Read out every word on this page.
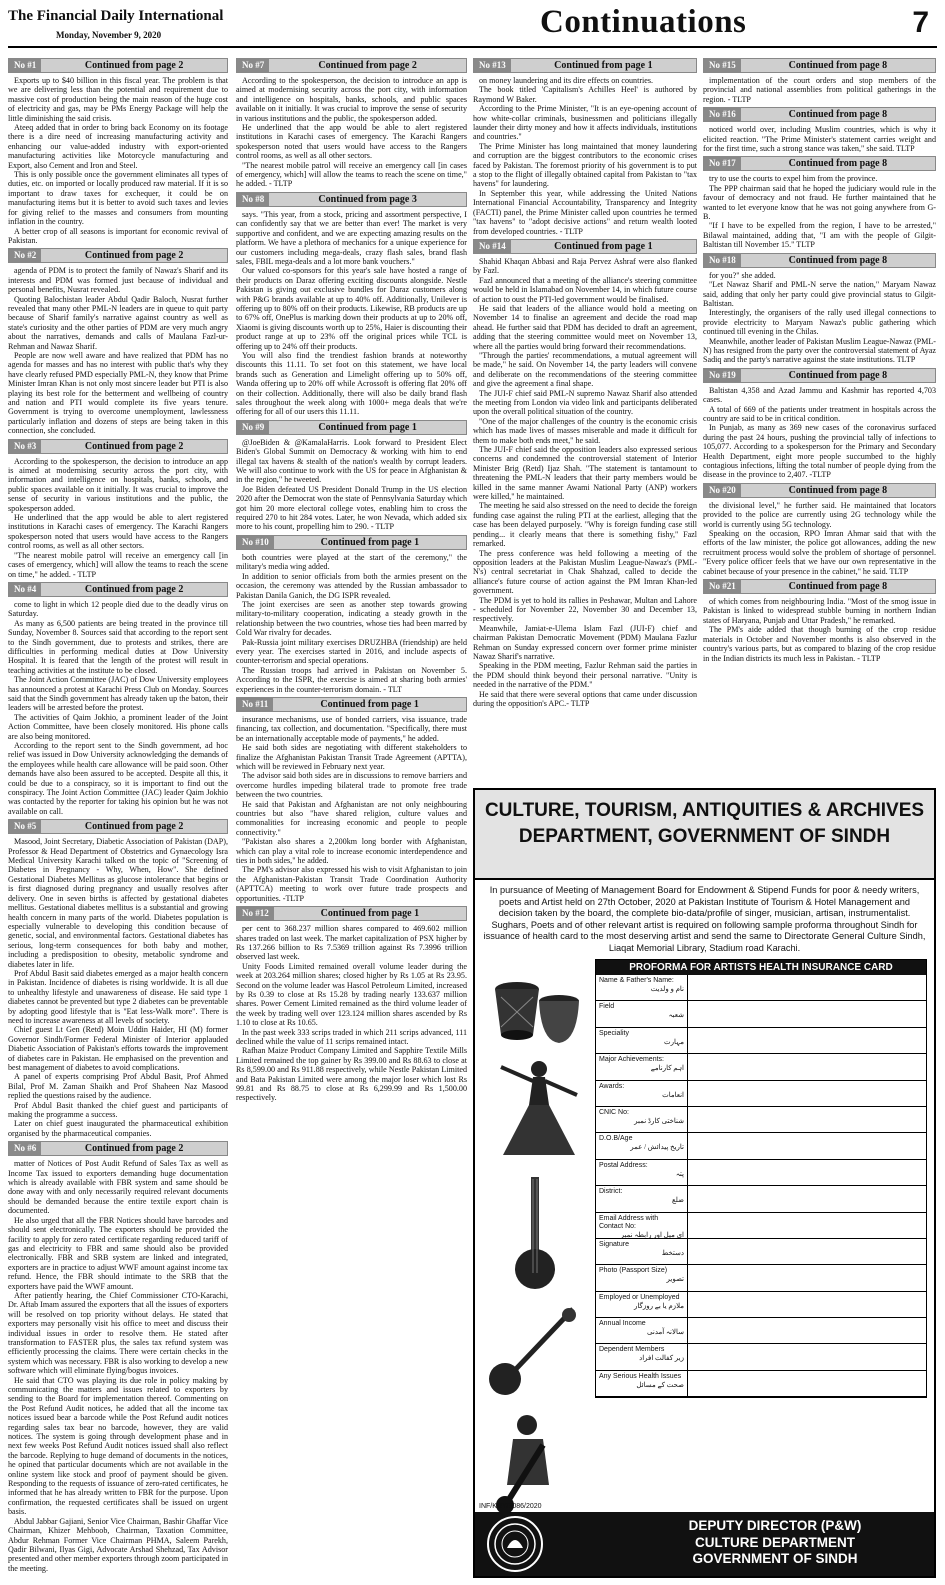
The Financial Daily International
Monday, November 9, 2020	Continuations	7
No #1	Continued from page 2

Exports up to $40 billion in this fiscal year. The problem is that we are delivering less than the potential and requirement due to massive cost of production being the main reason of the huge cost of electricity and gas, may be PMs Energy Package will help the little diminishing the said crisis.

Ateeq added that in order to bring back Economy on its footage there is a dire need of increasing manufacturing activity and enhancing our value-added industry with export-oriented manufacturing activities like Motorcycle manufacturing and Export, also Cement and Iron and Steel.

This is only possible once the government eliminates all types of duties, etc. on imported or locally produced raw material. If it is so important to draw taxes for exchequer, it could be on manufacturing items but it is better to avoid such taxes and levies for giving relief to the masses and consumers from mounting inflation in the country.

A better crop of all seasons is important for economic revival of Pakistan.

No #2	Continued from page 2

agenda of PDM is to protect the family of Nawaz's Sharif and its interests and PDM was formed just because of individual and personal benefits, Nusrat revealed.

Quoting Balochistan leader Abdul Qadir Baloch, Nusrat further revealed that many other PML-N leaders are in queue to quit party because of Sharif family's narrative against country as well as state's curiosity and the other parties of PDM are very much angry about the narratives, demands and calls of Maulana Fazl-ur-Rehman and Nawaz Sharif.

People are now well aware and have realized that PDM has no agenda for masses and has no interest with public that's why they have clearly refused PMD especially PML-N, they know that Prime Minister Imran Khan is not only most sincere leader but PTI is also playing its best role for the betterment and wellbeing of country and nation and PTI would complete its five years tenure. Government is trying to overcome unemployment, lawlessness particularly inflation and dozens of steps are being taken in this connection, she concluded.

No #3	Continued from page 2

According to the spokesperson, the decision to introduce an app is aimed at modernising security across the port city, with information and intelligence on hospitals, banks, schools, and public spaces available on it initially. It was crucial to improve the sense of security in various institutions and the public, the spokesperson added.

He underlined that the app would be able to alert registered institutions in Karachi cases of emergency. The Karachi Rangers spokesperson noted that users would have access to the Rangers control rooms, as well as all other sectors.

"The nearest mobile patrol will receive an emergency call [in cases of emergency, which] will allow the teams to reach the scene on time," he added. - TLTP

No #4	Continued from page 2

come to light in which 12 people died due to the deadly virus on Saturday.

As many as 6,500 patients are being treated in the province till Sunday, November 8. Sources said that according to the report sent to the Sindh government, due to protests and strikes, there are difficulties in performing medical duties at Dow University Hospital. It is feared that the length of the protest will result in teaching activities at the institute to be closed.

The Joint Action Committee (JAC) of Dow University employees has announced a protest at Karachi Press Club on Monday. Sources said that the Sindh government has already taken up the baton, their leaders will be arrested before the protest.

The activities of Qaim Jokhio, a prominent leader of the Joint Action Committee, have been closely monitored. His phone calls are also being monitored.

According to the report sent to the Sindh government, ad hoc relief was issued in Dow University acknowledging the demands of the employees while health care allowance will be paid soon. Other demands have also been assured to be accepted. Despite all this, it could be due to a conspiracy, so it is important to find out the conspiracy. The Joint Action Committee (JAC) leader Qaim Jokhio was contacted by the reporter for taking his opinion but he was not available on call.

No #5	Continued from page 2

Masood, Joint Secretary, Diabetic Association of Pakistan (DAP), Professor & Head Department of Obstetrics and Gynaecology Isra Medical University Karachi talked on the topic of "Screening of Diabetes in Pregnancy - Why, When, How". She defined Gestational Diabetes Mellitus as glucose intolerance that begins or is first diagnosed during pregnancy and usually resolves after delivery. One in seven births is affected by gestational diabetes mellitus. Gestational diabetes mellitus is a substantial and growing health concern in many parts of the world. Diabetes population is especially vulnerable to developing this condition because of genetic, social, and environmental factors. Gestational diabetes has serious, long-term consequences for both baby and mother, including a predisposition to obesity, metabolic syndrome and diabetes later in life.

Prof Abdul Basit said diabetes emerged as a major health concern in Pakistan. Incidence of diabetes is rising worldwide. It is all due to unhealthy lifestyle and unawareness of disease. He said type 1 diabetes cannot be prevented but type 2 diabetes can be preventable by adopting good lifestyle that is "Eat less-Walk more". There is need to increase awareness at all levels of society.

Chief guest Lt Gen (Retd) Moin Uddin Haider, HI (M) former Governor Sindh/Former Federal Minister of Interior applauded Diabetic Association of Pakistan's efforts towards the improvement of diabetes care in Pakistan. He emphasised on the prevention and best management of diabetes to avoid complications.

A panel of experts comprising Prof Abdul Basit, Prof Ahmed Bilal, Prof M. Zaman Shaikh and Prof Shaheen Naz Masood replied the questions raised by the audience.

Prof Abdul Basit thanked the chief guest and participants of making the programme a success.

Later on chief guest inaugurated the pharmaceutical exhibition organised by the pharmaceutical companies.

No #6	Continued from page 2

matter of Notices of Post Audit Refund of Sales Tax as well as Income Tax issued to exporters demanding huge documentation which is already available with FBR system and same should be done away with and only necessarily required relevant documents should be demanded because the entire textile export chain is documented.

He also urged that all the FBR Notices should have barcodes and should sent electronically. The exporters should be provided the facility to apply for zero rated certificate regarding reduced tariff of gas and electricity to FBR and same should also be provided electronically. FBR and SRB system are linked and integrated, exporters are in practice to adjust WWF amount against income tax refund. Hence, the FBR should intimate to the SRB that the exporters have paid the WWF amount.

After patiently hearing, the Chief Commissioner CTO-Karachi, Dr. Aftab Imam assured the exporters that all the issues of exporters will be resolved on top priority without delays. He stated that exporters may personally visit his office to meet and discuss their individual issues in order to resolve them. He stated after transformation to FASTER plus, the sales tax refund system was efficiently processing the claims. There were certain checks in the system which was necessary. FBR is also working to develop a new software which will eliminate flying/bogus invoices.

He said that CTO was playing its due role in policy making by communicating the matters and issues related to exporters by sending to the Board for implementation thereof. Commenting on the Post Refund Audit notices, he added that all the income tax notices issued bear a barcode while the Post Refund audit notices regarding sales tax bear no barcode, however, they are valid notices. The system is going through development phase and in next few weeks Post Refund Audit notices issued shall also reflect the barcode. Replying to huge demand of documents in the notices, he opined that particular documents which are not available in the online system like stock and proof of payment should be given. Responding to the requests of issuance of zero-rated certificates, he informed that he has already written to FBR for the purpose. Upon confirmation, the requested certificates shall be issued on urgent basis.

Abdul Jabbar Gajiani, Senior Vice Chairman, Bashir Ghaffar Vice Chairman, Khizer Mehboob, Chairman, Taxation Committee, Abdur Rehman Former Vice Chairman PHMA, Saleem Parekh, Qadir Bilwani, Ilyas Gigi, Advocate Arshad Shehzad, Tax Advisor presented and other member exporters through zoom participated in the meeting.

No #7	Continued from page 2

According to the spokesperson, the decision to introduce an app is aimed at modernising security across the port city, with information and intelligence on hospitals, banks, schools, and public spaces available on it initially. It was crucial to improve the sense of security in various institutions and the public, the spokesperson added.

He underlined that the app would be able to alert registered institutions in Karachi cases of emergency. The Karachi Rangers spokesperson noted that users would have access to the Rangers control rooms, as well as all other sectors.

"The nearest mobile patrol will receive an emergency call [in cases of emergency, which] will allow the teams to reach the scene on time," he added. - TLTP

No #8	Continued from page 3

says. "This year, from a stock, pricing and assortment perspective, I can confidently say that we are better than ever! The market is very supportive and confident, and we are expecting amazing results on the platform. We have a plethora of mechanics for a unique experience for our customers including mega-deals, crazy flash sales, brand flash sales, FBIL mega-deals and a lot more bank vouchers."

Our valued co-sponsors for this year's sale have hosted a range of their products on Daraz offering exciting discounts alongside. Nestle Pakistan is giving out exclusive bundles for Daraz customers along with P&G brands available at up to 40% off. Additionally, Unilever is offering up to 80% off on their products. Likewise, RB products are up to 67% off, OnePlus is marking down their products at up to 20% off, Xiaomi is giving discounts worth up to 25%, Haier is discounting their product range at up to 23% off the original prices while TCL is offering up to 24% off their products.

You will also find the trendiest fashion brands at noteworthy discounts this 11.11. To set foot on this statement, we have local brands such as Generation and Limelight offering up to 50% off, Wanda offering up to 20% off while Acrossoft is offering flat 20% off on their collection. Additionally, there will also be daily brand flash sales throughout the week along with 1000+ mega deals that we're offering for all of our users this 11.11.

No #9	Continued from page 1

@JoeBiden & @KamalaHarris. Look forward to President Elect Biden's Global Summit on Democracy & working with him to end illegal tax havens & stealth of the nation's wealth by corrupt leaders. We will also continue to work with the US for peace in Afghanistan & in the region," he tweeted.

Joe Biden defeated US President Donald Trump in the US election 2020 after the Democrat won the state of Pennsylvania Saturday which got him 20 more electoral college votes, enabling him to cross the required 270 to hit 284 votes. Later, he won Nevada, which added six more to his count, propelling him to 290. - TLTP

No #10	Continued from page 1

both countries were played at the start of the ceremony," the military's media wing added.

In addition to senior officials from both the armies present on the occasion, the ceremony was attended by the Russian ambassador to Pakistan Danila Ganich, the DG ISPR revealed.

The joint exercises are seen as another step towards growing military-to-military cooperation, indicating a steady growth in the relationship between the two countries, whose ties had been marred by Cold War rivalry for decades.

Pak-Russia joint military exercises DRUZHBA (friendship) are held every year. The exercises started in 2016, and include aspects of counter-terrorism and special operations.

The Russian troops had arrived in Pakistan on November 5. According to the ISPR, the exercise is aimed at sharing both armies' experiences in the counter-terrorism domain. - TLT

No #11	Continued from page 1

insurance mechanisms, use of bonded carriers, visa issuance, trade financing, tax collection, and documentation. "Specifically, there must be an internationally acceptable mode of payments," he added.

He said both sides are negotiating with different stakeholders to finalize the Afghanistan Pakistan Transit Trade Agreement (APTTA), which will be reviewed in February next year.

The advisor said both sides are in discussions to remove barriers and overcome hurdles impeding bilateral trade to promote free trade between the two countries.

He said that Pakistan and Afghanistan are not only neighbouring countries but also "have shared religion, culture values and commonalities for increasing economic and people to people connectivity."

"Pakistan also shares a 2,200km long border with Afghanistan, which can play a vital role to increase economic interdependence and ties in both sides," he added.

The PM's advisor also expressed his wish to visit Afghanistan to join the Afghanistan-Pakistan Transit Trade Coordination Authority (APTTCA) meeting to work over future trade prospects and opportunities. -TLTP

No #12	Continued from page 1

per cent to 368.237 million shares compared to 469.602 million shares traded on last week. The market capitalization of PSX higher by Rs 137.266 billion to Rs 7.5369 trillion against Rs 7.3996 trillion observed last week.

Unity Foods Limited remained overall volume leader during the week at 203.264 million shares; closed higher by Rs 1.05 at Rs 23.95. Second on the volume leader was Hascol Petroleum Limited, increased by Rs 0.39 to close at Rs 15.28 by trading nearly 133.637 million shares. Power Cement Limited remained as the third volume leader of the week by trading well over 123.124 million shares ascended by Rs 1.10 to close at Rs 10.65.

In the past week 333 scrips traded in which 211 scrips advanced, 111 declined while the value of 11 scrips remained intact.

Rafhan Maize Product Company Limited and Sapphire Textile Mills Limited remained the top gainer by Rs 399.00 and Rs 88.63 to close at Rs 8,599.00 and Rs 911.88 respectively, while Nestle Pakistan Limited and Bata Pakistan Limited were among the major loser which lost Rs 99.81 and Rs 88.75 to close at Rs 6,299.99 and Rs 1,500.00 respectively.

No #13	Continued from page 1

on money laundering and its dire effects on countries.

The book titled 'Capitalism's Achilles Heel' is authored by Raymond W Baker.

According to the Prime Minister, "It is an eye-opening account of how white-collar criminals, businessmen and politicians illegally launder their dirty money and how it affects individuals, institutions and countries."

The Prime Minister has long maintained that money laundering and corruption are the biggest contributors to the economic crises faced by Pakistan. The foremost priority of his government is to put a stop to the flight of illegally obtained capital from Pakistan to "tax havens" for laundering.

In September this year, while addressing the United Nations International Financial Accountability, Transparency and Integrity (FACTI) panel, the Prime Minister called upon countries he termed "tax havens" to "adopt decisive actions" and return wealth looted from developed countries. - TLTP

No #14	Continued from page 1

Shahid Khaqan Abbasi and Raja Pervez Ashraf were also flanked by Fazl.

Fazl announced that a meeting of the alliance's steering committee would be held in Islamabad on November 14, in which future course of action to oust the PTI-led government would be finalised.

He said that leaders of the alliance would hold a meeting on November 14 to finalise an agreement and decide the road map ahead. He further said that PDM has decided to draft an agreement, adding that the steering committee would meet on November 13, where all the parties would bring forward their recommendations.

"Through the parties' recommendations, a mutual agreement will be made," he said. On November 14, the party leaders will convene and deliberate on the recommendations of the steering committee and give the agreement a final shape.

The JUI-F chief said PML-N supremo Nawaz Sharif also attended the meeting from London via video link and participants deliberated upon the overall political situation of the country.

"One of the major challenges of the country is the economic crisis which has made lives of masses miserable and made it difficult for them to make both ends meet," he said.

The JUI-F chief said the opposition leaders also expressed serious concerns and condemned the controversial statement of Interior Minister Brig (Retd) Ijaz Shah. "The statement is tantamount to threatening the PML-N leaders that their party members would be killed in the same manner Awami National Party (ANP) workers were killed," he maintained.

The meeting he said also stressed on the need to decide the foreign funding case against the ruling PTI at the earliest, alleging that the case has been delayed purposely. "Why is foreign funding case still pending... it clearly means that there is something fishy," Fazl remarked.

The press conference was held following a meeting of the opposition leaders at the Pakistan Muslim League-Nawaz's (PML-N's) central secretariat in Chak Shahzad, called to decide the alliance's future course of action against the PM Imran Khan-led government.

The PDM is yet to hold its rallies in Peshawar, Multan and Lahore - scheduled for November 22, November 30 and December 13, respectively.

Meanwhile, Jamiat-e-Ulema Islam Fazl (JUI-F) chief and chairman Pakistan Democratic Movement (PDM) Maulana Fazlur Rehman on Sunday expressed concern over former prime minister Nawaz Sharif's narrative.

Speaking in the PDM meeting, Fazlur Rehman said the parties in the PDM should think beyond their personal narrative. "Unity is needed in the narrative of the PDM."

He said that there were several options that came under discussion during the opposition's APC.- TLTP

No #15	Continued from page 8

implementation of the court orders and stop members of the provincial and national assemblies from political gatherings in the region. - TLTP

No #16	Continued from page 8

noticed world over, including Muslim countries, which is why it elicited reaction. "The Prime Minister's statement carries weight and for the first time, such a strong stance was taken," she said. TLTP

No #17	Continued from page 8

try to use the courts to expel him from the province.

The PPP chairman said that he hoped the judiciary would rule in the favour of democracy and not fraud. He further maintained that he wanted to let everyone know that he was not going anywhere from G-B.

"If I have to be expelled from the region, I have to be arrested," Bilawal maintained, adding that, "I am with the people of Gilgit-Baltistan till November 15." TLTP

No #18	Continued from page 8

for you?" she added.

"Let Nawaz Sharif and PML-N serve the nation," Maryam Nawaz said, adding that only her party could give provincial status to Gilgit-Baltistan.

Interestingly, the organisers of the rally used illegal connections to provide electricity to Maryam Nawaz's public gathering which continued till evening in the Chilas.

Meanwhile, another leader of Pakistan Muslim League-Nawaz (PML-N) has resigned from the party over the controversial statement of Ayaz Sadiq and the party's narrative against the state institutions. TLTP

No #19	Continued from page 8

Baltistan 4,358 and Azad Jammu and Kashmir has reported 4,703 cases.

A total of 669 of the patients under treatment in hospitals across the country are said to be in critical condition.

In Punjab, as many as 369 new cases of the coronavirus surfaced during the past 24 hours, pushing the provincial tally of infections to 105,077. According to a spokesperson for the Primary and Secondary Health Department, eight more people succumbed to the highly contagious infections, lifting the total number of people dying from the disease in the province to 2,407. -TLTP

No #20	Continued from page 8

the divisional level," he further said. He maintained that locators provided to the police are currently using 2G technology while the world is currently using 5G technology.

Speaking on the occasion, RPO Imran Ahmar said that with the efforts of the law minister, the police got allowances, adding the new recruitment process would solve the problem of shortage of personnel. "Every police officer feels that we have our own representative in the cabinet because of your presence in the cabinet," he said. TLTP

No #21	Continued from page 8

of which comes from neighbouring India. "Most of the smog issue in Pakistan is linked to widespread stubble burning in northern Indian states of Haryana, Punjab and Uttar Pradesh," he remarked.

The PM's aide added that though burning of the crop residue materials in October and November months is also observed in the country's various parts, but as compared to blazing of the crop residue in the Indian districts its much less in Pakistan. - TLTP

CULTURE, TOURISM, ANTIQUITIES & ARCHIVES
DEPARTMENT, GOVERNMENT OF SINDH
In pursuance of Meeting of Management Board for Endowment & Stipend Funds for poor & needy writers, poets and Artist held on 27th October, 2020 at Pakistan Institute of Tourism & Hotel Management and decision taken by the board, the complete bio-data/profile of singer, musician, artisan, instrumentalist. Sughars, Poets and of other relevant artist is required on following sample proforma throughout Sindh for issuance of health card to the most deserving artist and send the same to Directorate General Culture Sindh, Liaqat Memorial Library, Stadium road Karachi.
PROFORMA FOR ARTISTS HEALTH INSURANCE CARD
Name & Father's Name:
نام و ولدیت
Field
شعبہ
Speciality
مہارت
Major Achievements:
اہم کارنامے
Awards:
انعامات
CNIC No:
شناختی کارڈ نمبر
D.O.B/Age
تاریخ پیدائش / عمر
Postal Address:
پتہ
District:
ضلع
Email Address with Contact No:
ای میل اور رابطہ نمبر
Signature
دستخط
Photo (Passport Size)
تصویر
Employed or Unemployed
ملازم یا بے روزگار
Annual Income
سالانہ آمدنی
Dependent Members
زیر کفالت افراد
Any Serious Health Issues
صحت کے مسائل
INF/KRY/3086/2020
DEPUTY DIRECTOR (P&W)
CULTURE DEPARTMENT
GOVERNMENT OF SINDH
